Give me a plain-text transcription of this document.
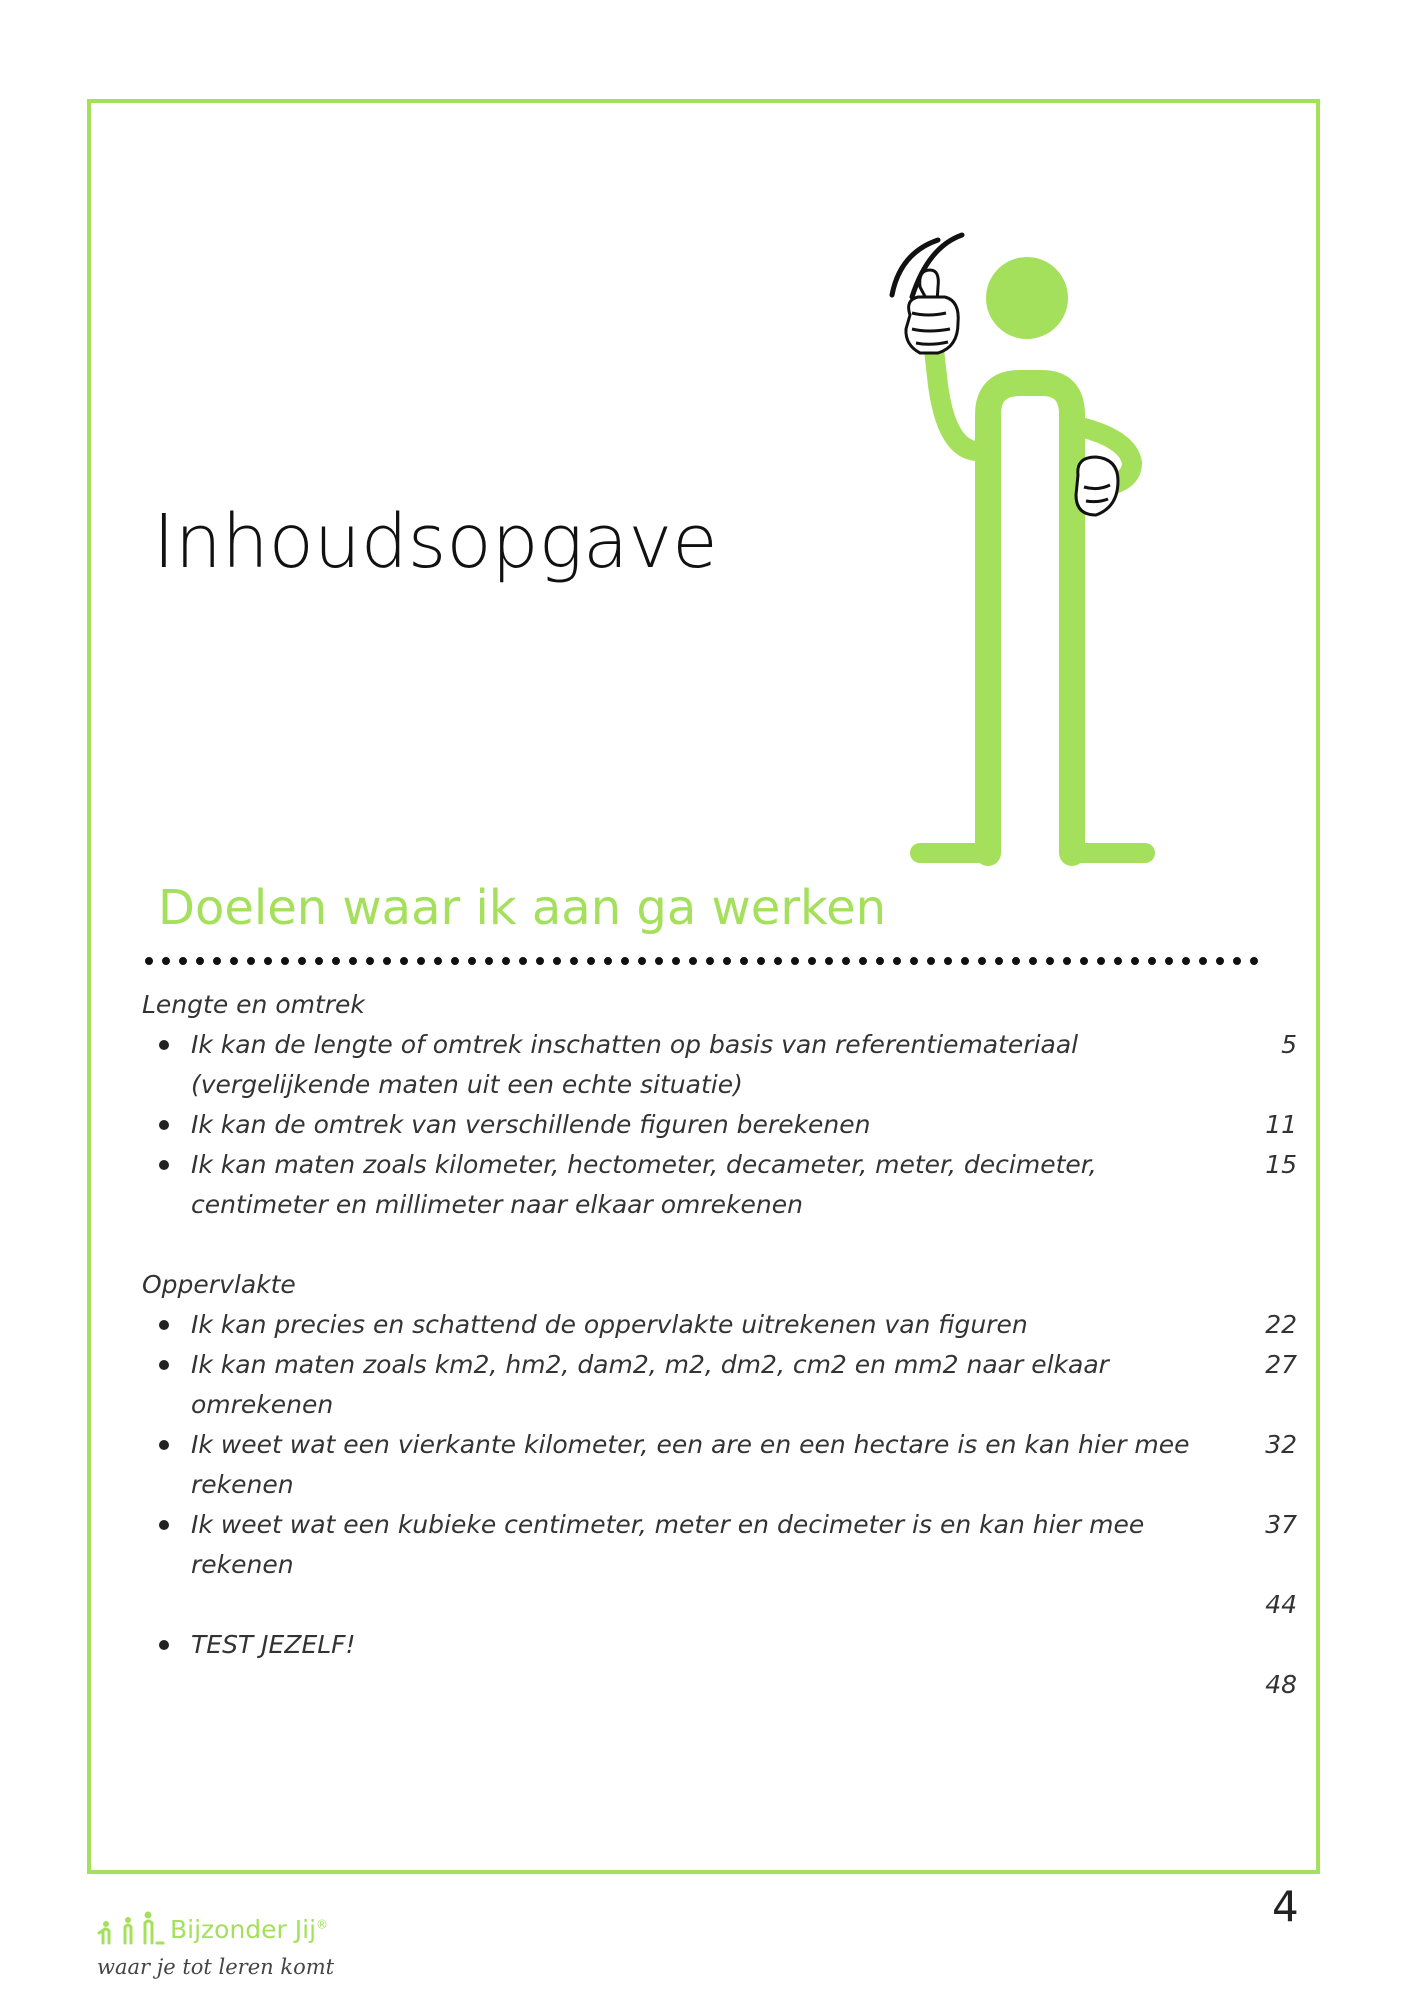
Inhoudsopgave
Doelen waar ik aan ga werken

Lengte en omtrek

Ik kan de lengte of omtrek inschatten op basis van referentiemateriaal (vergelijkende maten uit een echte situatie)
5
Ik kan de omtrek van verschillende figuren berekenen	11
Ik kan maten zoals kilometer, hectometer, decameter, meter, decimeter, centimeter en millimeter naar elkaar omrekenen
15

Oppervlakte

Ik kan precies en schattend de oppervlakte uitrekenen van figuren	22
Ik kan maten zoals km2, hm2, dam2, m2, dm2, cm2 en mm2 naar elkaar omrekenen
27
Ik weet wat een vierkante kilometer, een are en een hectare is en kan hier mee rekenen
32
Ik weet wat een kubieke centimeter, meter en decimeter is en kan hier mee rekenen
37
44
TEST JEZELF!
48
4
Bijzonder Jij®
waar je tot leren komt
